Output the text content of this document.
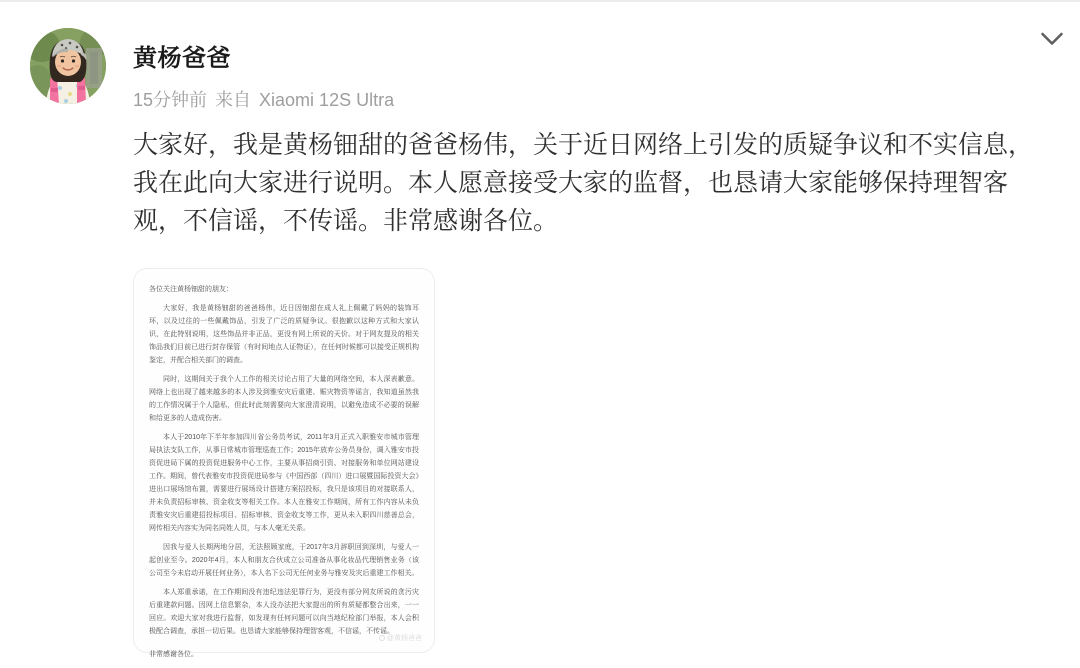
黄杨爸爸
15分钟前 来自 Xiaomi 12S Ultra
大家好，我是黄杨钿甜的爸爸杨伟，关于近日网络上引发的质疑争议和不实信息，我在此向大家进行说明。本人愿意接受大家的监督，也恳请大家能够保持理智客观，不信谣，不传谣。非常感谢各位。

各位关注黄杨钿甜的朋友：

大家好，我是黄杨钿甜的爸爸杨伟，近日因钿甜在成人礼上佩戴了妈妈的装饰耳环，以及过往的一些佩戴饰品，引发了广泛的质疑争议。很抱歉以这种方式和大家认识，在此特别说明，这些饰品并非正品，更没有网上所说的天价。对于网友提及的相关饰品我们目前已进行封存保管（有时间地点人证物证），在任何时候都可以接受正规机构鉴定，并配合相关部门的调查。

同时，这期间关于我个人工作的相关讨论占用了大量的网络空间，本人深表歉意。网络上也出现了越来越多的本人涉及到雅安灾后重建、赈灾物资等谣言，我知道虽然我的工作情况属于个人隐私，但此时此刻需要向大家澄清说明，以避免造成不必要的误解和给更多的人造成伤害。

本人于2010年下半年参加四川省公务员考试，2011年3月正式入职雅安市城市管理局执法支队工作，从事日常城市管理巡查工作；2015年放弃公务员身份，调入雅安市投资促进局下属的投资促进服务中心工作，主要从事招商引资、对接服务和单位网站建设工作。期间，曾代表雅安市投资促进局参与《中国西部（四川）进口展暨国际投资大会》进出口展场馆布置，需要进行展场设计搭建方案招投标，我只是该项目的对接联系人，并未负责招标审核、资金收支等相关工作。本人在雅安工作期间，所有工作内容从未负责雅安灾后重建招投标项目、招标审核、资金收支等工作，更从未入职四川慈善总会，网传相关内容实为同名同姓人员，与本人毫无关系。

因我与爱人长期两地分居，无法照顾家庭，于2017年3月辞职回到深圳，与爱人一起创业至今。2020年4月，本人和朋友合伙成立公司准备从事化妆品代理销售业务（该公司至今未启动开展任何业务），本人名下公司无任何业务与雅安及灾后重建工作相关。

本人郑重承诺，在工作期间没有违纪违法犯罪行为，更没有部分网友所说的贪污灾后重建款问题。因网上信息繁杂，本人没办法把大家提出的所有质疑都整合出来，一一回应。欢迎大家对我进行监督，如发现有任何问题可以向当地纪检部门举报，本人会积极配合调查，承担一切后果。也恳请大家能够保持理智客观，不信谣，不传谣。

非常感谢各位。

@黄杨爸爸
